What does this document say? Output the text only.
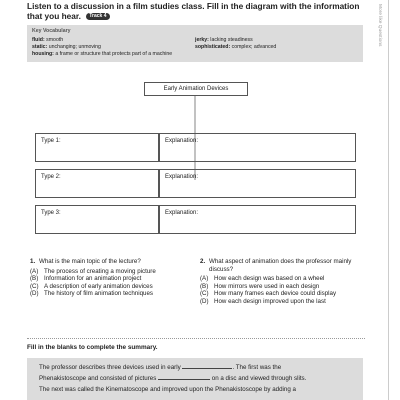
Listen to a discussion in a film studies class. Fill in the diagram with the information that you hear. Track 4
Key Vocabulary
fluid: smooth
static: unchanging; unmoving
housing: a frame or structure that protects part of a machine
jerky: lacking steadiness
sophisticated: complex; advanced
More like Questions
Early Animation Devices
Type 1:	Explanation:
Type 2:	Explanation:
Type 3:	Explanation:
1. What is the main topic of the lecture?
(A) The process of creating a moving picture
(B) Information for an animation project
(C) A description of early animation devices
(D) The history of film animation techniques
2. What aspect of animation does the professor mainly discuss?
(A) How each design was based on a wheel
(B) How mirrors were used in each design
(C) How many frames each device could display
(D) How each design improved upon the last
Fill in the blanks to complete the summary.
The professor describes three devices used in early	. The first was the
Phenakistoscope and consisted of pictures	on a disc and viewed through slits.
The next was called the Kinematoscope and improved upon the Phenakistoscope by adding a
